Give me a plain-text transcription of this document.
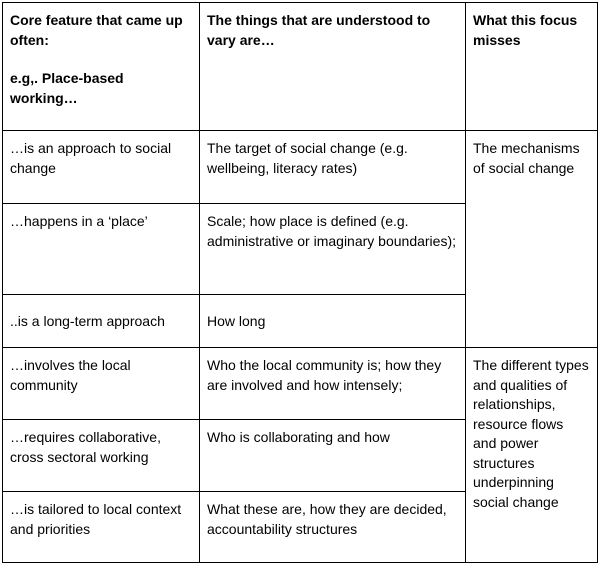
Core feature that came up often:
e.g,. Place-based working…	The things that are understood to vary are…	What this focus misses
…is an approach to social change	The target of social change (e.g. wellbeing, literacy rates)	The mechanisms of social change
…happens in a ‘place’	Scale; how place is defined (e.g. administrative or imaginary boundaries);	
..is a long-term approach	How long	
…involves the local community	Who the local community is; how they are involved and how intensely;	The different types and qualities of relationships, resource flows and power structures underpinning social change
…requires collaborative, cross sectoral working	Who is collaborating and how	
…is tailored to local context and priorities	What these are, how they are decided, accountability structures	
